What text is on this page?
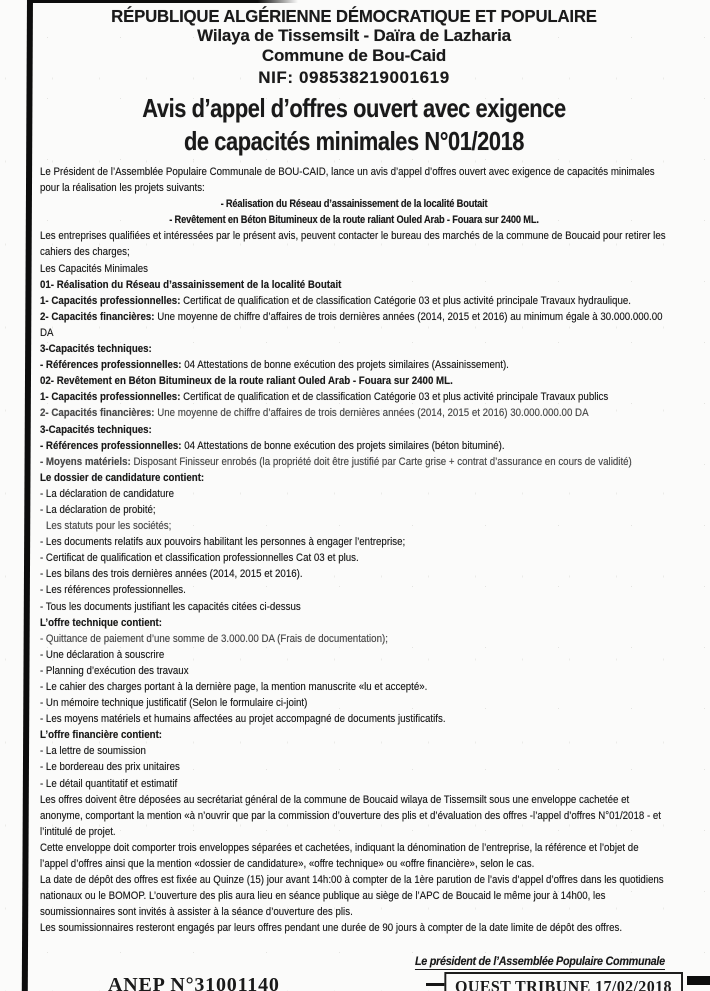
RÉPUBLIQUE ALGÉRIENNE DÉMOCRATIQUE ET POPULAIRE
Wilaya de Tissemsilt - Daïra de Lazharia
Commune de Bou-Caid
NIF: 098538219001619
Avis d’appel d’offres ouvert avec exigence
de capacités minimales N°01/2018

Le Président de l’Assemblée Populaire Communale de BOU-CAID, lance un avis d’appel d’offres ouvert avec exigence de capacités minimales pour la réalisation les projets suivants:

- Réalisation du Réseau d’assainissement de la localité Boutait

- Revêtement en Béton Bitumineux de la route raliant Ouled Arab - Fouara sur 2400 ML.

Les entreprises qualifiées et intéressées par le présent avis, peuvent contacter le bureau des marchés de la commune de Boucaid pour retirer les cahiers des charges;

Les Capacités Minimales

01- Réalisation du Réseau d’assainissement de la localité Boutait

1- Capacités professionnelles: Certificat de qualification et de classification Catégorie 03 et plus activité principale Travaux hydraulique.

2- Capacités financières: Une moyenne de chiffre d’affaires de trois dernières années (2014, 2015 et 2016) au minimum égale à 30.000.000.00 DA

3-Capacités techniques:

- Références professionnelles: 04 Attestations de bonne exécution des projets similaires (Assainissement).

02- Revêtement en Béton Bitumineux de la route raliant Ouled Arab - Fouara sur 2400 ML.

1- Capacités professionnelles: Certificat de qualification et de classification Catégorie 03 et plus activité principale Travaux publics

2- Capacités financières: Une moyenne de chiffre d’affaires de trois dernières années (2014, 2015 et 2016) 30.000.000.00 DA

3-Capacités techniques:

- Références professionnelles: 04 Attestations de bonne exécution des projets similaires (béton bituminé).

- Moyens matériels: Disposant Finisseur enrobés (la propriété doit être justifié par Carte grise + contrat d’assurance en cours de validité)

Le dossier de candidature contient:

- La déclaration de candidature

- La déclaration de probité;

Les statuts pour les sociétés;

- Les documents relatifs aux pouvoirs habilitant les personnes à engager l’entreprise;

- Certificat de qualification et classification professionnelles Cat 03 et plus.

- Les bilans des trois dernières années (2014, 2015 et 2016).

- Les références professionnelles.

- Tous les documents justifiant les capacités citées ci-dessus

L’offre technique contient:

- Quittance de paiement d’une somme de 3.000.00 DA (Frais de documentation);

- Une déclaration à souscrire

- Planning d’exécution des travaux

- Le cahier des charges portant à la dernière page, la mention manuscrite «lu et accepté».

- Un mémoire technique justificatif (Selon le formulaire ci-joint)

- Les moyens matériels et humains affectées au projet accompagné de documents justificatifs.

L’offre financière contient:

- La lettre de soumission

- Le bordereau des prix unitaires

- Le détail quantitatif et estimatif

Les offres doivent être déposées au secrétariat général de la commune de Boucaid wilaya de Tissemsilt sous une enveloppe cachetée et anonyme, comportant la mention «à n’ouvrir que par la commission d’ouverture des plis et d’évaluation des offres -l’appel d’offres N°01/2018 - et l’intitulé de projet.

Cette enveloppe doit comporter trois enveloppes séparées et cachetées, indiquant la dénomination de l’entreprise, la référence et l’objet de l’appel d’offres ainsi que la mention «dossier de candidature», «offre technique» ou «offre financière», selon le cas.

La date de dépôt des offres est fixée au Quinze (15) jour avant 14h:00 à compter de la 1ère parution de l’avis d’appel d’offres dans les quotidiens nationaux ou le BOMOP. L’ouverture des plis aura lieu en séance publique au siège de l’APC de Boucaid le même jour à 14h00, les soumissionnaires sont invités à assister à la séance d’ouverture des plis.

Les soumissionnaires resteront engagés par leurs offres pendant une durée de 90 jours à compter de la date limite de dépôt des offres.

Le président de l’Assemblée Populaire Communale
ANEP N°31001140	OUEST TRIBUNE 17/02/2018
